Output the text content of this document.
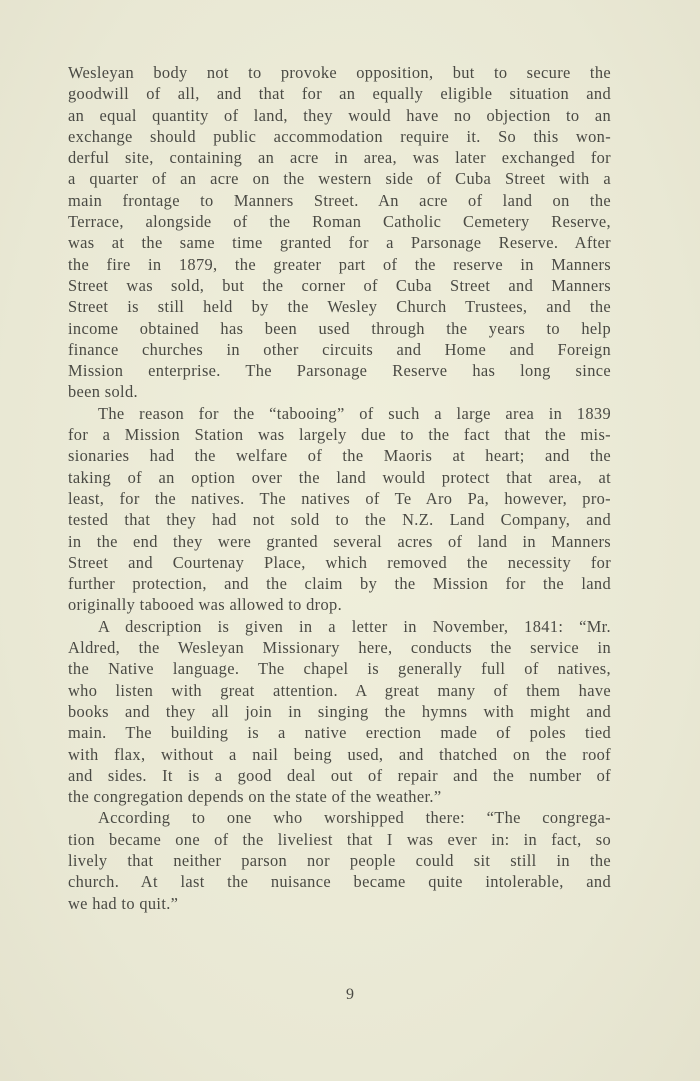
Wesleyan body not to provoke opposition, but to secure the
goodwill of all, and that for an equally eligible situation and
an equal quantity of land, they would have no objection to an
exchange should public accommodation require it. So this won-
derful site, containing an acre in area, was later exchanged for
a quarter of an acre on the western side of Cuba Street with a
main frontage to Manners Street. An acre of land on the
Terrace, alongside of the Roman Catholic Cemetery Reserve,
was at the same time granted for a Parsonage Reserve. After
the fire in 1879, the greater part of the reserve in Manners
Street was sold, but the corner of Cuba Street and Manners
Street is still held by the Wesley Church Trustees, and the
income obtained has been used through the years to help
finance churches in other circuits and Home and Foreign
Mission enterprise. The Parsonage Reserve has long since
been sold.
The reason for the “tabooing” of such a large area in 1839
for a Mission Station was largely due to the fact that the mis-
sionaries had the welfare of the Maoris at heart; and the
taking of an option over the land would protect that area, at
least, for the natives. The natives of Te Aro Pa, however, pro-
tested that they had not sold to the N.Z. Land Company, and
in the end they were granted several acres of land in Manners
Street and Courtenay Place, which removed the necessity for
further protection, and the claim by the Mission for the land
originally tabooed was allowed to drop.
A description is given in a letter in November, 1841: “Mr.
Aldred, the Wesleyan Missionary here, conducts the service in
the Native language. The chapel is generally full of natives,
who listen with great attention. A great many of them have
books and they all join in singing the hymns with might and
main. The building is a native erection made of poles tied
with flax, without a nail being used, and thatched on the roof
and sides. It is a good deal out of repair and the number of
the congregation depends on the state of the weather.”
According to one who worshipped there: “The congrega-
tion became one of the liveliest that I was ever in: in fact, so
lively that neither parson nor people could sit still in the
church. At last the nuisance became quite intolerable, and
we had to quit.”
9
